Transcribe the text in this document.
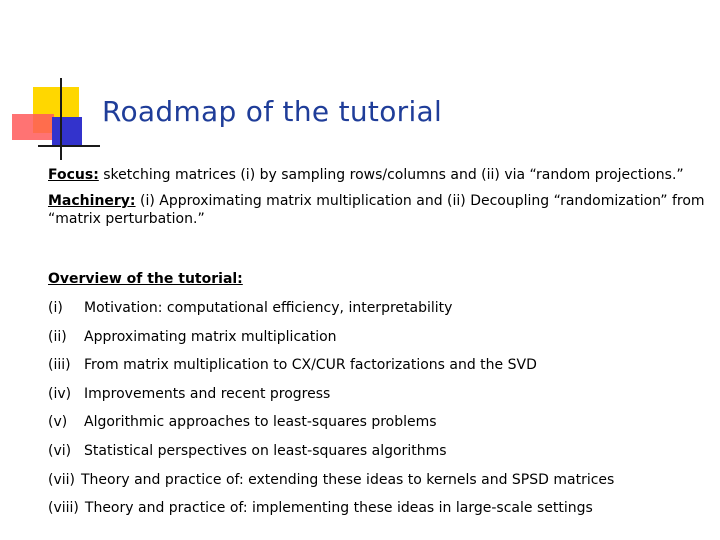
Roadmap of the tutorial

Focus: sketching matrices (i) by sampling rows/columns and (ii) via “random projections.”

Machinery: (i) Approximating matrix multiplication and (ii) Decoupling “randomization” from “matrix perturbation.”

Overview of the tutorial:
(i)	Motivation: computational efficiency, interpretability
(ii)	Approximating matrix multiplication
(iii) From matrix multiplication to CX/CUR factorizations and the SVD
(iv) Improvements and recent progress
(v)	Algorithmic approaches to least-squares problems
(vi) Statistical perspectives on least-squares algorithms
(vii) Theory and practice of: extending these ideas to kernels and SPSD matrices
(viii) Theory and practice of: implementing these ideas in large-scale settings
